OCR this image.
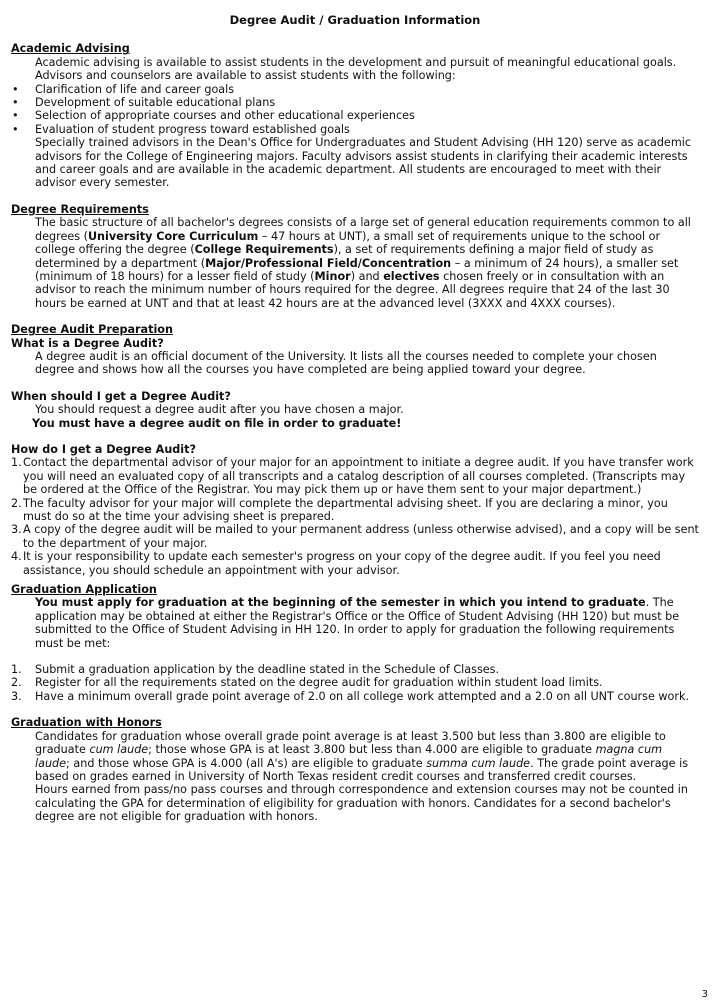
Degree Audit / Graduation Information
Academic Advising
Academic advising is available to assist students in the development and pursuit of meaningful educational goals. Advisors and counselors are available to assist students with the following:
• Clarification of life and career goals
• Development of suitable educational plans
• Selection of appropriate courses and other educational experiences
• Evaluation of student progress toward established goals
Specially trained advisors in the Dean's Office for Undergraduates and Student Advising (HH 120) serve as academic advisors for the College of Engineering majors. Faculty advisors assist students in clarifying their academic interests and career goals and are available in the academic department. All students are encouraged to meet with their advisor every semester.
Degree Requirements
The basic structure of all bachelor's degrees consists of a large set of general education requirements common to all degrees (University Core Curriculum – 47 hours at UNT), a small set of requirements unique to the school or college offering the degree (College Requirements), a set of requirements defining a major field of study as determined by a department (Major/Professional Field/Concentration – a minimum of 24 hours), a smaller set (minimum of 18 hours) for a lesser field of study (Minor) and electives chosen freely or in consultation with an advisor to reach the minimum number of hours required for the degree. All degrees require that 24 of the last 30 hours be earned at UNT and that at least 42 hours are at the advanced level (3XXX and 4XXX courses).
Degree Audit Preparation
What is a Degree Audit?
A degree audit is an official document of the University. It lists all the courses needed to complete your chosen degree and shows how all the courses you have completed are being applied toward your degree.
When should I get a Degree Audit?
You should request a degree audit after you have chosen a major.
You must have a degree audit on file in order to graduate!
How do I get a Degree Audit?
1. Contact the departmental advisor of your major for an appointment to initiate a degree audit. If you have transfer work you will need an evaluated copy of all transcripts and a catalog description of all courses completed. (Transcripts may be ordered at the Office of the Registrar. You may pick them up or have them sent to your major department.)
2. The faculty advisor for your major will complete the departmental advising sheet. If you are declaring a minor, you must do so at the time your advising sheet is prepared.
3. A copy of the degree audit will be mailed to your permanent address (unless otherwise advised), and a copy will be sent to the department of your major.
4. It is your responsibility to update each semester's progress on your copy of the degree audit. If you feel you need assistance, you should schedule an appointment with your advisor.
Graduation Application
You must apply for graduation at the beginning of the semester in which you intend to graduate. The application may be obtained at either the Registrar's Office or the Office of Student Advising (HH 120) but must be submitted to the Office of Student Advising in HH 120. In order to apply for graduation the following requirements must be met:
1. Submit a graduation application by the deadline stated in the Schedule of Classes.
2. Register for all the requirements stated on the degree audit for graduation within student load limits.
3. Have a minimum overall grade point average of 2.0 on all college work attempted and a 2.0 on all UNT course work.
Graduation with Honors
Candidates for graduation whose overall grade point average is at least 3.500 but less than 3.800 are eligible to graduate cum laude; those whose GPA is at least 3.800 but less than 4.000 are eligible to graduate magna cum laude; and those whose GPA is 4.000 (all A's) are eligible to graduate summa cum laude. The grade point average is based on grades earned in University of North Texas resident credit courses and transferred credit courses.
Hours earned from pass/no pass courses and through correspondence and extension courses may not be counted in calculating the GPA for determination of eligibility for graduation with honors. Candidates for a second bachelor's degree are not eligible for graduation with honors.
3
